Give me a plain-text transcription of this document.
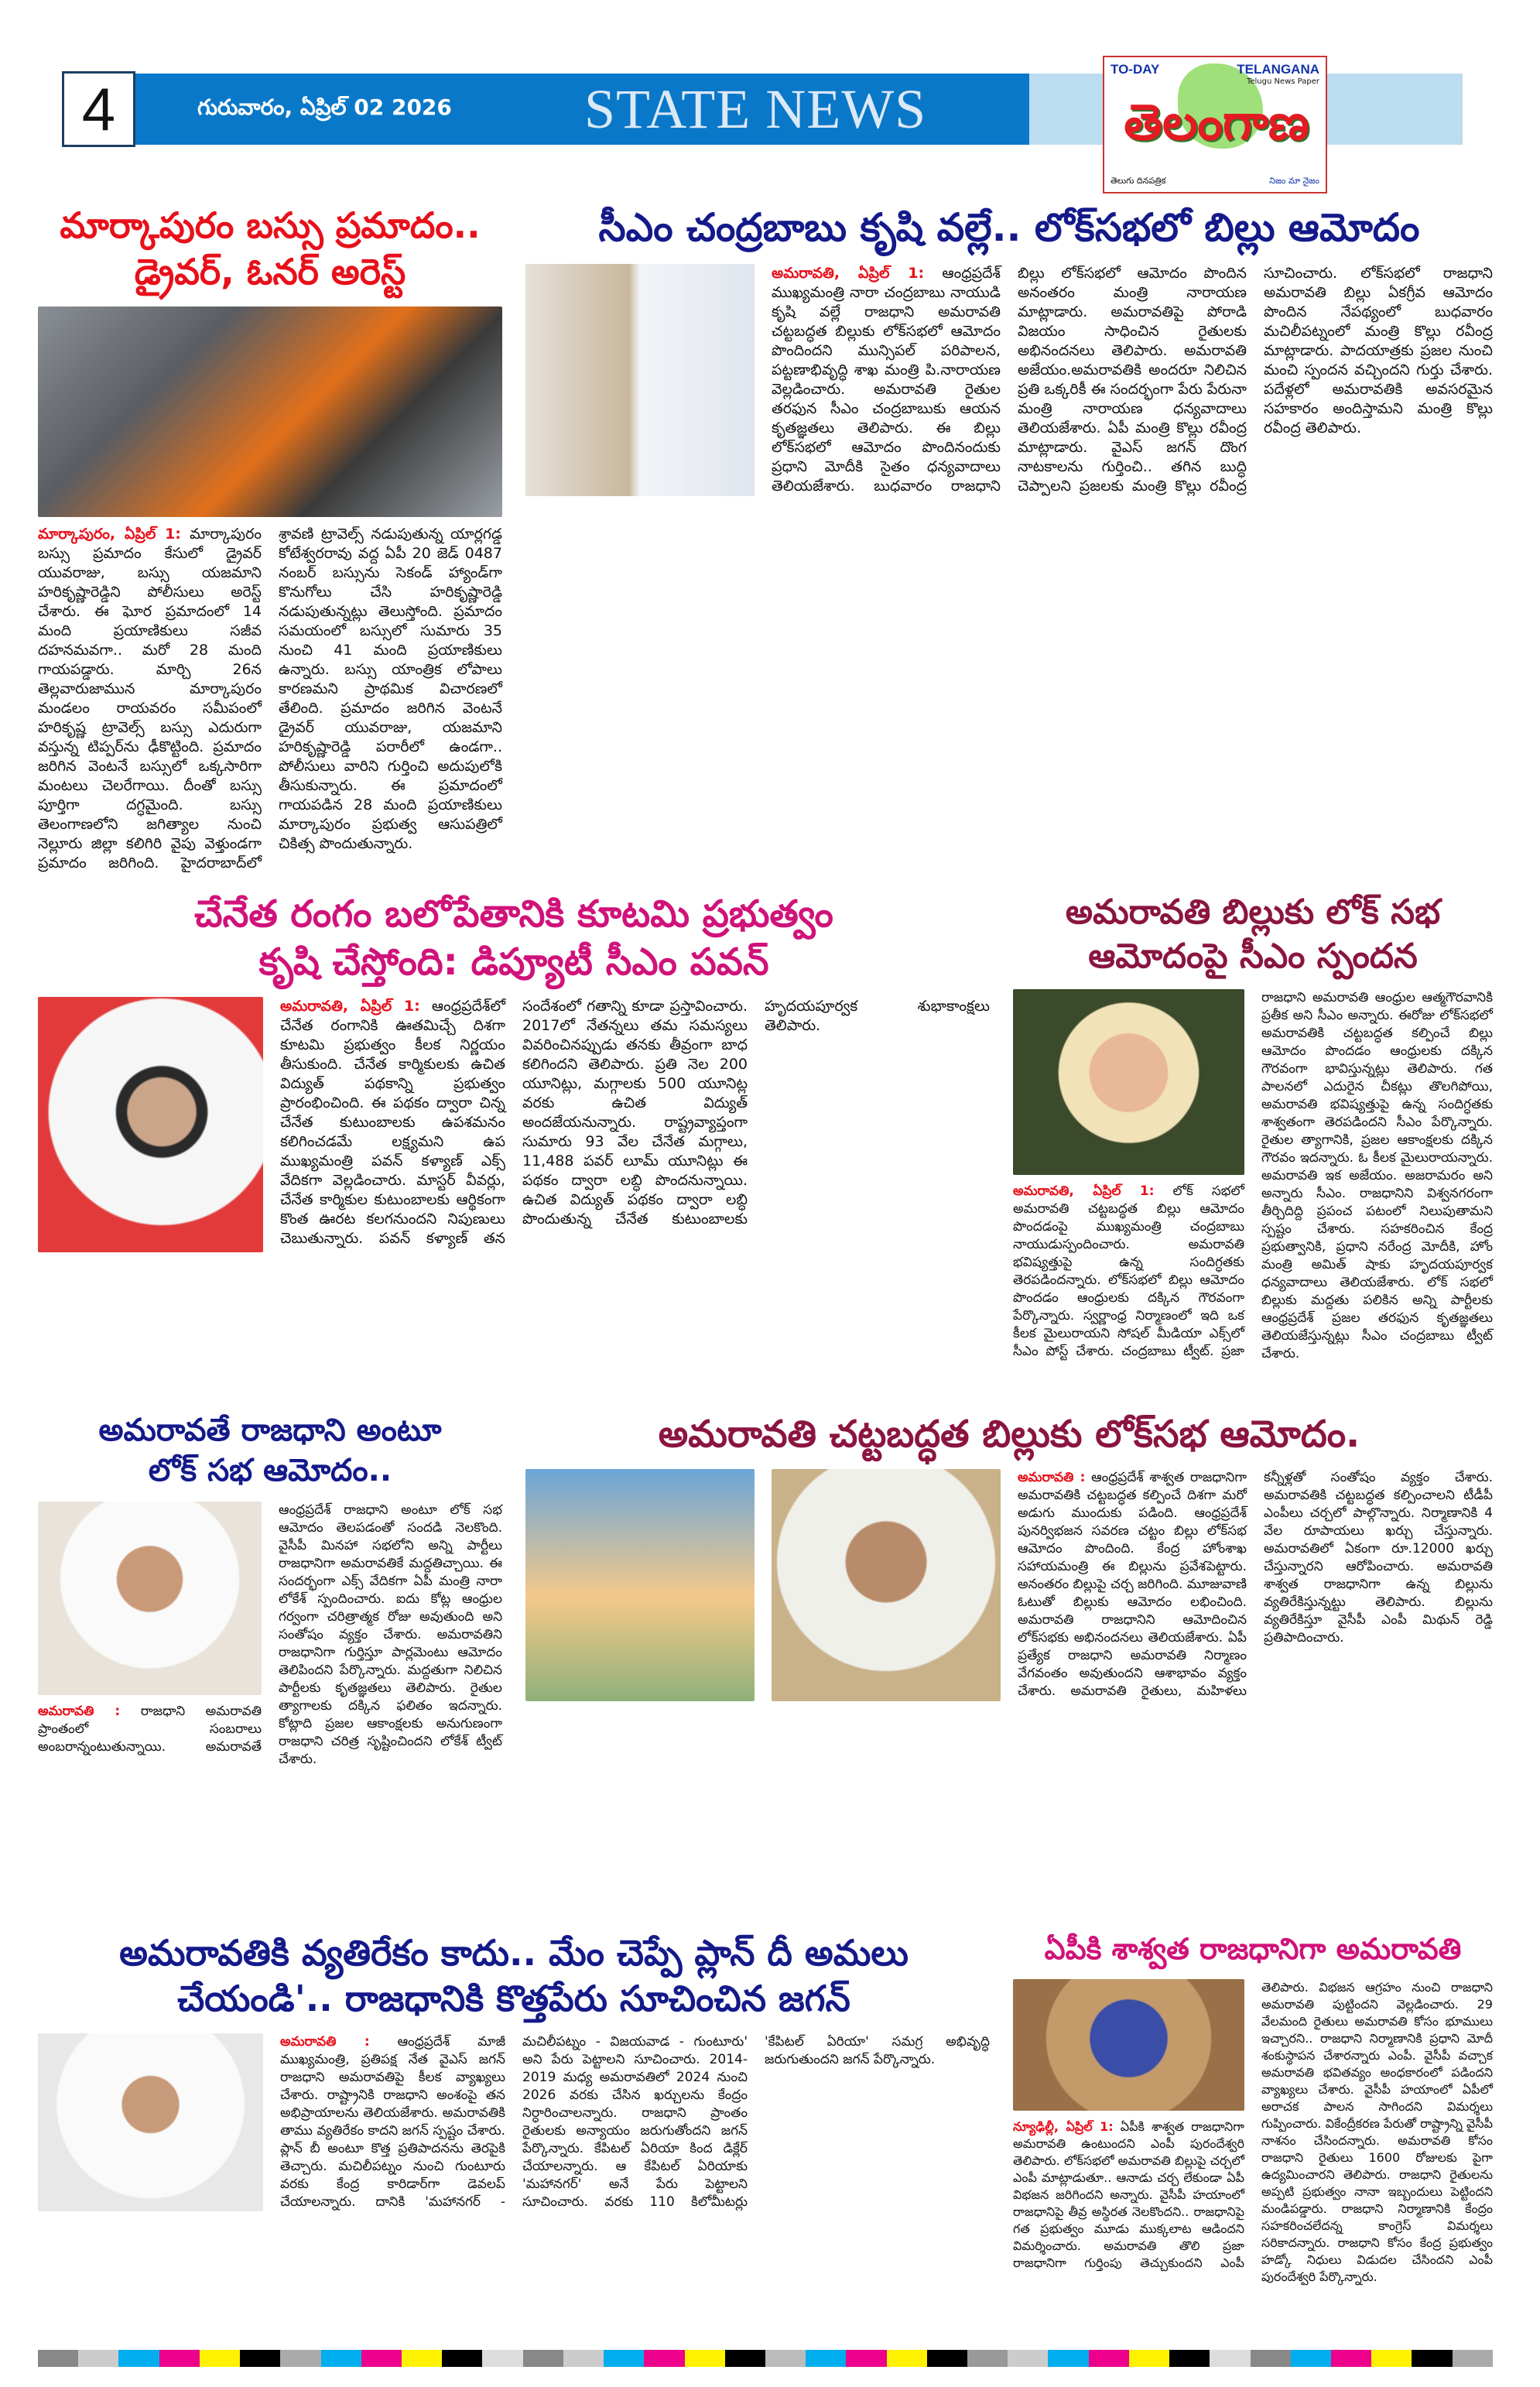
4	గురువారం, ఏప్రిల్ 02 2026 STATE NEWS
TO-DAY	TELANGANA
Telugu News Paper
తెలంగాణ
తెలుగు దినపత్రిక	నిజం మా నైజం
మార్కాపురం బస్సు ప్రమాదం.. డ్రైవర్, ఓనర్ అరెస్ట్
మార్కాపురం, ఏప్రిల్ 1: మార్కాపురం బస్సు ప్రమాదం కేసులో డ్రైవర్ యువరాజు, బస్సు యజమాని హరికృష్ణారెడ్డిని పోలీసులు అరెస్ట్ చేశారు. ఈ ఘోర ప్రమాదంలో 14 మంది ప్రయాణికులు సజీవ దహనమవగా.. మరో 28 మంది గాయపడ్డారు. మార్చి 26న తెల్లవారుజామున మార్కాపురం మండలం రాయవరం సమీపంలో హరికృష్ణ ట్రావెల్స్ బస్సు ఎదురుగా వస్తున్న టిప్పర్‌ను ఢీకొట్టింది. ప్రమాదం జరిగిన వెంటనే బస్సులో ఒక్కసారిగా మంటలు చెలరేగాయి. దీంతో బస్సు పూర్తిగా దగ్ధమైంది. బస్సు తెలంగాణలోని జగిత్యాల నుంచి నెల్లూరు జిల్లా కలిగిరి వైపు వెళ్తుండగా ప్రమాదం జరిగింది. హైదరాబాద్‌లో శ్రావణి ట్రావెల్స్ నడుపుతున్న యార్లగడ్డ కోటేశ్వరరావు వద్ద ఏపీ 20 జెడ్ 0487 నంబర్ బస్సును సెకండ్ హ్యాండ్‌గా కొనుగోలు చేసి హరికృష్ణారెడ్డి నడుపుతున్నట్లు తెలుస్తోంది. ప్రమాదం సమయంలో బస్సులో సుమారు 35 నుంచి 41 మంది ప్రయాణికులు ఉన్నారు. బస్సు యాంత్రిక లోపాలు కారణమని ప్రాథమిక విచారణలో తేలింది. ప్రమాదం జరిగిన వెంటనే డ్రైవర్ యువరాజు, యజమాని హరికృష్ణారెడ్డి పరారీలో ఉండగా.. పోలీసులు వారిని గుర్తించి అదుపులోకి తీసుకున్నారు. ఈ ప్రమాదంలో గాయపడిన 28 మంది ప్రయాణికులు మార్కాపురం ప్రభుత్వ ఆసుపత్రిలో చికిత్స పొందుతున్నారు.
సీఎం చంద్రబాబు కృషి వల్లే.. లోక్‌సభలో బిల్లు ఆమోదం
అమరావతి, ఏప్రిల్ 1: ఆంధ్రప్రదేశ్ ముఖ్యమంత్రి నారా చంద్రబాబు నాయుడి కృషి వల్లే రాజధాని అమరావతి చట్టబద్ధత బిల్లుకు లోక్‌సభలో ఆమోదం పొందిందని మున్సిపల్ పరిపాలన, పట్టణాభివృద్ధి శాఖ మంత్రి పి.నారాయణ వెల్లడించారు. అమరావతి రైతుల తరఫున సీఎం చంద్రబాబుకు ఆయన కృతజ్ఞతలు తెలిపారు. ఈ బిల్లు లోక్‌సభలో ఆమోదం పొందినందుకు ప్రధాని మోదీకి సైతం ధన్యవాదాలు తెలియజేశారు. బుధవారం రాజధాని బిల్లు లోక్‌సభలో ఆమోదం పొందిన అనంతరం మంత్రి నారాయణ మాట్లాడారు. అమరావతిపై పోరాడి విజయం సాధించిన రైతులకు అభినందనలు తెలిపారు. అమరావతి అజేయం.అమరావతికి అందరూ నిలిచిన ప్రతి ఒక్కరికీ ఈ సందర్భంగా పేరు పేరునా మంత్రి నారాయణ ధన్యవాదాలు తెలియజేశారు. ఏపీ మంత్రి కొల్లు రవీంద్ర మాట్లాడారు. వైఎస్ జగన్ దొంగ నాటకాలను గుర్తించి.. తగిన బుద్ధి చెప్పాలని ప్రజలకు మంత్రి కొల్లు రవీంద్ర సూచించారు. లోక్‌సభలో రాజధాని అమరావతి బిల్లు ఏకగ్రీవ ఆమోదం పొందిన నేపథ్యంలో బుధవారం మచిలీపట్నంలో మంత్రి కొల్లు రవీంద్ర మాట్లాడారు. పాదయాత్రకు ప్రజల నుంచి మంచి స్పందన వచ్చిందని గుర్తు చేశారు. పదేళ్లలో అమరావతికి అవసరమైన సహకారం అందిస్తామని మంత్రి కొల్లు రవీంద్ర తెలిపారు.
చేనేత రంగం బలోపేతానికి కూటమి ప్రభుత్వం
కృషి చేస్తోంది: డిప్యూటీ సీఎం పవన్
అమరావతి, ఏప్రిల్ 1: ఆంధ్రప్రదేశ్‌లో చేనేత రంగానికి ఊతమిచ్చే దిశగా కూటమి ప్రభుత్వం కీలక నిర్ణయం తీసుకుంది. చేనేత కార్మికులకు ఉచిత విద్యుత్ పథకాన్ని ప్రభుత్వం ప్రారంభించింది. ఈ పథకం ద్వారా చిన్న చేనేత కుటుంబాలకు ఉపశమనం కలిగించడమే లక్ష్యమని ఉప ముఖ్యమంత్రి పవన్ కళ్యాణ్ ఎక్స్ వేదికగా వెల్లడించారు. మాస్టర్ వీవర్లు, చేనేత కార్మికుల కుటుంబాలకు ఆర్థికంగా కొంత ఊరట కలగనుందని నిపుణులు చెబుతున్నారు. పవన్ కళ్యాణ్ తన సందేశంలో గతాన్ని కూడా ప్రస్తావించారు. 2017లో నేతన్నలు తమ సమస్యలు వివరించినప్పుడు తనకు తీవ్రంగా బాధ కలిగిందని తెలిపారు. ప్రతి నెల 200 యూనిట్లు, మగ్గాలకు 500 యూనిట్ల వరకు ఉచిత విద్యుత్ అందజేయనున్నారు. రాష్ట్రవ్యాప్తంగా సుమారు 93 వేల చేనేత మగ్గాలు, 11,488 పవర్ లూమ్ యూనిట్లు ఈ పథకం ద్వారా లబ్ధి పొందనున్నాయి. ఉచిత విద్యుత్ పథకం ద్వారా లబ్ధి పొందుతున్న చేనేత కుటుంబాలకు హృదయపూర్వక శుభాకాంక్షలు తెలిపారు.
అమరావతి బిల్లుకు లోక్ సభ
ఆమోదంపై సీఎం స్పందన
అమరావతి, ఏప్రిల్ 1: లోక్ సభలో అమరావతి చట్టబద్ధత బిల్లు ఆమోదం పొందడంపై ముఖ్యమంత్రి చంద్రబాబు నాయుడుస్పందించారు. అమరావతి భవిష్యత్తుపై ఉన్న సందిగ్ధతకు తెరపడిందన్నారు. లోక్‌సభలో బిల్లు ఆమోదం పొందడం ఆంధ్రులకు దక్కిన గౌరవంగా పేర్కొన్నారు. స్వర్ణాంధ్ర నిర్మాణంలో ఇది ఒక కీలక మైలురాయని సోషల్ మీడియా ఎక్స్‌లో సీఎం పోస్ట్ చేశారు. చంద్రబాబు ట్వీట్. ప్రజా రాజధాని అమరావతి ఆంధ్రుల ఆత్మగౌరవానికి ప్రతీక అని సీఎం అన్నారు. ఈరోజు లోక్‌సభలో అమరావతికి చట్టబద్ధత కల్పించే బిల్లు ఆమోదం పొందడం ఆంధ్రులకు దక్కిన గౌరవంగా భావిస్తున్నట్లు తెలిపారు. గత పాలనలో ఎదురైన చీకట్లు తొలగిపోయి, అమరావతి భవిష్యత్తుపై ఉన్న సందిగ్ధతకు శాశ్వతంగా తెరపడిందని సీఎం పేర్కొన్నారు. రైతుల త్యాగానికి, ప్రజల ఆకాంక్షలకు దక్కిన గౌరవం ఇదన్నారు. ఓ కీలక మైలురాయన్నారు. అమరావతి ఇక అజేయం. అజరామరం అని అన్నారు సీఎం. రాజధానిని విశ్వనగరంగా తీర్చిదిద్ది ప్రపంచ పటంలో నిలుపుతామని స్పష్టం చేశారు. సహకరించిన కేంద్ర ప్రభుత్వానికి, ప్రధాని నరేంద్ర మోదీకి, హోం మంత్రి అమిత్ షాకు హృదయపూర్వక ధన్యవాదాలు తెలియజేశారు. లోక్ సభలో బిల్లుకు మద్దతు పలికిన అన్ని పార్టీలకు ఆంధ్రప్రదేశ్ ప్రజల తరఫున కృతజ్ఞతలు తెలియజేస్తున్నట్లు సీఎం చంద్రబాబు ట్వీట్ చేశారు.
అమరావతే రాజధాని అంటూ
లోక్ సభ ఆమోదం..
అమరావతి : రాజధాని అమరావతి ప్రాంతంలో సంబరాలు అంబరాన్నంటుతున్నాయి. అమరావతే ఆంధ్రప్రదేశ్ రాజధాని అంటూ లోక్ సభ ఆమోదం తెలపడంతో సందడి నెలకొంది. వైసీపీ మినహా సభలోని అన్ని పార్టీలు రాజధానిగా అమరావతికే మద్దతిచ్చాయి. ఈ సందర్భంగా ఎక్స్ వేదికగా ఏపీ మంత్రి నారా లోకేశ్ స్పందించారు. ఐదు కోట్ల ఆంధ్రుల గర్వంగా చరిత్రాత్మక రోజు అవుతుంది అని సంతోషం వ్యక్తం చేశారు. అమరావతిని రాజధానిగా గుర్తిస్తూ పార్లమెంటు ఆమోదం తెలిపిందని పేర్కొన్నారు. మద్దతుగా నిలిచిన పార్టీలకు కృతజ్ఞతలు తెలిపారు. రైతుల త్యాగాలకు దక్కిన ఫలితం ఇదన్నారు. కోట్లాది ప్రజల ఆకాంక్షలకు అనుగుణంగా రాజధాని చరిత్ర సృష్టించిందని లోకేశ్ ట్వీట్ చేశారు.
అమరావతి చట్టబద్ధత బిల్లుకు లోక్‌సభ ఆమోదం.
అమరావతి : ఆంధ్రప్రదేశ్ శాశ్వత రాజధానిగా అమరావతికి చట్టబద్ధత కల్పించే దిశగా మరో అడుగు ముందుకు పడింది. ఆంధ్రప్రదేశ్ పునర్విభజన సవరణ చట్టం బిల్లు లోక్‌సభ ఆమోదం పొందింది. కేంద్ర హోంశాఖ సహాయమంత్రి ఈ బిల్లును ప్రవేశపెట్టారు. అనంతరం బిల్లుపై చర్చ జరిగింది. మూజువాణి ఓటుతో బిల్లుకు ఆమోదం లభించింది. అమరావతి రాజధానిని ఆమోదించిన లోక్‌సభకు అభినందనలు తెలియజేశారు. ఏపీ ప్రత్యేక రాజధాని అమరావతి నిర్మాణం వేగవంతం అవుతుందని ఆశాభావం వ్యక్తం చేశారు. అమరావతి రైతులు, మహిళలు కన్నీళ్లతో సంతోషం వ్యక్తం చేశారు. అమరావతికి చట్టబద్ధత కల్పించాలని టీడీపీ ఎంపీలు చర్చలో పాల్గొన్నారు. నిర్మాణానికి 4 వేల రూపాయలు ఖర్చు చేస్తున్నారు. అమరావతిలో ఏకంగా రూ.12000 ఖర్చు చేస్తున్నారని ఆరోపించారు. అమరావతి శాశ్వత రాజధానిగా ఉన్న బిల్లును వ్యతిరేకిస్తున్నట్టు తెలిపారు. బిల్లును వ్యతిరేకిస్తూ వైసీపీ ఎంపీ మిథున్ రెడ్డి ప్రతిపాదించారు.
అమరావతికి వ్యతిరేకం కాదు.. మేం చెప్పే ప్లాన్ దీ అమలు
చేయండి'.. రాజధానికి కొత్తపేరు సూచించిన జగన్
అమరావతి : ఆంధ్రప్రదేశ్ మాజీ ముఖ్యమంత్రి, ప్రతిపక్ష నేత వైఎస్ జగన్ రాజధాని అమరావతిపై కీలక వ్యాఖ్యలు చేశారు. రాష్ట్రానికి రాజధాని అంశంపై తన అభిప్రాయాలను తెలియజేశారు. అమరావతికి తాము వ్యతిరేకం కాదని జగన్ స్పష్టం చేశారు. ప్లాన్ బీ అంటూ కొత్త ప్రతిపాదనను తెరపైకి తెచ్చారు. మచిలీపట్నం నుంచి గుంటూరు వరకు కేంద్ర కారిడార్‌గా డెవలప్ చేయాలన్నారు. దానికి 'మహానగర్ - మచిలీపట్నం - విజయవాడ - గుంటూరు' అని పేరు పెట్టాలని సూచించారు. 2014-2019 మధ్య అమరావతిలో 2024 నుంచి 2026 వరకు చేసిన ఖర్చులను కేంద్రం నిర్ధారించాలన్నారు. రాజధాని ప్రాంతం రైతులకు అన్యాయం జరుగుతోందని జగన్ పేర్కొన్నారు. కేపిటల్ ఏరియా కింద డిక్లేర్ చేయాలన్నారు. ఆ కేపిటల్ ఏరియాకు 'మహానగర్' అనే పేరు పెట్టాలని సూచించారు. వరకు 110 కిలోమీటర్లు 'కేపిటల్ ఏరియా' సమగ్ర అభివృద్ధి జరుగుతుందని జగన్ పేర్కొన్నారు.
ఏపీకి శాశ్వత రాజధానిగా అమరావతి
న్యూఢిల్లీ, ఏప్రిల్ 1: ఏపీకి శాశ్వత రాజధానిగా అమరావతి ఉంటుందని ఎంపీ పురందేశ్వరి తెలిపారు. లోక్‌సభలో అమరావతి బిల్లుపై చర్చలో ఎంపీ మాట్లాడుతూ.. ఆనాడు చర్చ లేకుండా ఏపీ విభజన జరిగిందని అన్నారు. వైసీపీ హయాంలో రాజధానిపై తీవ్ర అస్థిరత నెలకొందని.. రాజధానిపై గత ప్రభుత్వం మూడు ముక్కలాట ఆడిందని విమర్శించారు. అమరావతి తొలి ప్రజా రాజధానిగా గుర్తింపు తెచ్చుకుందని ఎంపీ తెలిపారు. విభజన ఆగ్రహం నుంచి రాజధాని అమరావతి పుట్టిందని వెల్లడించారు. 29 వేలమంది రైతులు అమరావతి కోసం భూములు ఇచ్చారని.. రాజధాని నిర్మాణానికి ప్రధాని మోదీ శంకుస్థాపన చేశారన్నారు ఎంపీ. వైసీపీ వచ్చాక అమరావతి భవితవ్యం అంధకారంలో పడిందని వ్యాఖ్యలు చేశారు. వైసీపీ హయాంలో ఏపీలో అరాచక పాలన సాగిందని విమర్శలు గుప్పించారు. వికేంద్రీకరణ పేరుతో రాష్ట్రాన్ని వైసీపీ నాశనం చేసిందన్నారు. అమరావతి కోసం రాజధాని రైతులు 1600 రోజులకు పైగా ఉద్యమించారని తెలిపారు. రాజధాని రైతులను అప్పటి ప్రభుత్వం నానా ఇబ్బందులు పెట్టిందని మండిపడ్డారు. రాజధాని నిర్మాణానికి కేంద్రం సహకరించలేదన్న కాంగ్రెస్ విమర్శలు సరికాదన్నారు. రాజధాని కోసం కేంద్ర ప్రభుత్వం హడ్కో నిధులు విడుదల చేసిందని ఎంపీ పురందేశ్వరి పేర్కొన్నారు.
